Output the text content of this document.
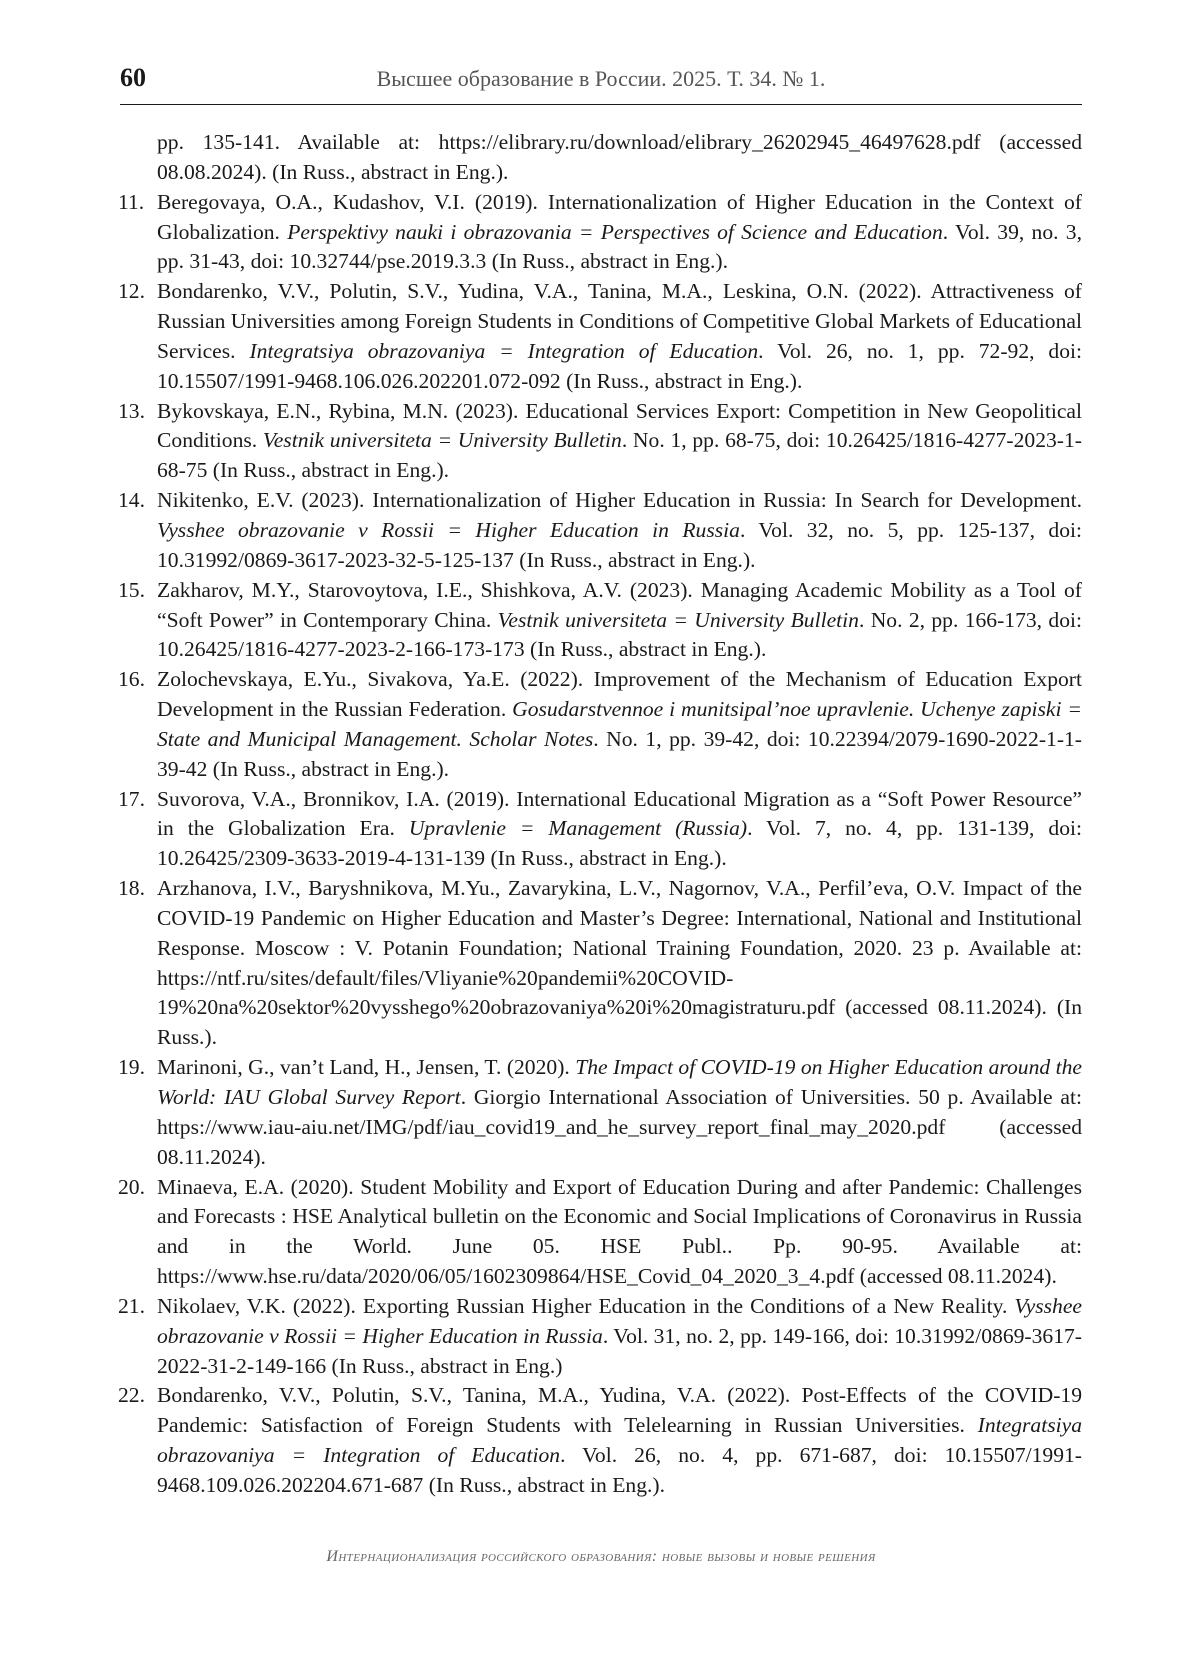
60	Высшее образование в России. 2025. Т. 34. № 1.

pp. 135-141. Available at: https://elibrary.ru/download/elibrary_26202945_46497628.pdf (accessed 08.08.2024). (In Russ., abstract in Eng.).

11. Beregovaya, O.A., Kudashov, V.I. (2019). Internationalization of Higher Education in the Context of Globalization. Perspektivy nauki i obrazovania = Perspectives of Science and Education. Vol. 39, no. 3, pp. 31-43, doi: 10.32744/pse.2019.3.3 (In Russ., abstract in Eng.).

12. Bondarenko, V.V., Polutin, S.V., Yudina, V.A., Tanina, M.A., Leskina, O.N. (2022). Attractiveness of Russian Universities among Foreign Students in Conditions of Competitive Global Markets of Educational Services. Integratsiya obrazovaniya = Integration of Education. Vol. 26, no. 1, pp. 72-92, doi: 10.15507/1991-9468.106.026.202201.072-092 (In Russ., abstract in Eng.).

13. Bykovskaya, E.N., Rybina, M.N. (2023). Educational Services Export: Competition in New Geopolitical Conditions. Vestnik universiteta = University Bulletin. No. 1, pp. 68-75, doi: 10.26425/1816-4277-2023-1-68-75 (In Russ., abstract in Eng.).

14. Nikitenko, E.V. (2023). Internationalization of Higher Education in Russia: In Search for Development. Vysshee obrazovanie v Rossii = Higher Education in Russia. Vol. 32, no. 5, pp. 125-137, doi: 10.31992/0869-3617-2023-32-5-125-137 (In Russ., abstract in Eng.).

15. Zakharov, M.Y., Starovoytova, I.E., Shishkova, A.V. (2023). Managing Academic Mobility as a Tool of “Soft Power” in Contemporary China. Vestnik universiteta = University Bulletin. No. 2, pp. 166-173, doi: 10.26425/1816-4277-2023-2-166-173-173 (In Russ., abstract in Eng.).

16. Zolochevskaya, E.Yu., Sivakova, Ya.E. (2022). Improvement of the Mechanism of Education Export Development in the Russian Federation. Gosudarstvennoe i munitsipal’noe upravlenie. Uchenye zapiski = State and Municipal Management. Scholar Notes. No. 1, pp. 39-42, doi: 10.22394/2079-1690-2022-1-1-39-42 (In Russ., abstract in Eng.).

17. Suvorova, V.A., Bronnikov, I.A. (2019). International Educational Migration as a “Soft Power Resource” in the Globalization Era. Upravlenie = Management (Russia). Vol. 7, no. 4, pp. 131-139, doi: 10.26425/2309-3633-2019-4-131-139 (In Russ., abstract in Eng.).

18. Arzhanova, I.V., Baryshnikova, M.Yu., Zavarykina, L.V., Nagornov, V.A., Perfil’eva, O.V. Impact of the COVID-19 Pandemic on Higher Education and Master’s Degree: International, National and Institutional Response. Moscow : V. Potanin Foundation; National Training Foundation, 2020. 23 p. Available at: https://ntf.ru/sites/default/files/Vliyanie%20pandemii%20COVID-19%20na%20sektor%20vysshego%20obrazovaniya%20i%20magistraturu.pdf (accessed 08.11.2024). (In Russ.).

19. Marinoni, G., van’t Land, H., Jensen, T. (2020). The Impact of COVID-19 on Higher Education around the World: IAU Global Survey Report. Giorgio International Association of Universities. 50 p. Available at: https://www.iau-aiu.net/IMG/pdf/iau_covid19_and_he_survey_report_final_may_2020.pdf (accessed 08.11.2024).

20. Minaeva, E.A. (2020). Student Mobility and Export of Education During and after Pandemic: Challenges and Forecasts : HSE Analytical bulletin on the Economic and Social Implications of Coronavirus in Russia and in the World. June 05. HSE Publ.. Pp. 90-95. Available at: https://www.hse.ru/data/2020/06/05/1602309864/HSE_Covid_04_2020_3_4.pdf (accessed 08.11.2024).

21. Nikolaev, V.K. (2022). Exporting Russian Higher Education in the Conditions of a New Reality. Vysshee obrazovanie v Rossii = Higher Education in Russia. Vol. 31, no. 2, pp. 149-166, doi: 10.31992/0869-3617-2022-31-2-149-166 (In Russ., abstract in Eng.)

22. Bondarenko, V.V., Polutin, S.V., Tanina, M.A., Yudina, V.A. (2022). Post-Effects of the COVID-19 Pandemic: Satisfaction of Foreign Students with Telelearning in Russian Universities. Integratsiya obrazovaniya = Integration of Education. Vol. 26, no. 4, pp. 671-687, doi: 10.15507/1991-9468.109.026.202204.671-687 (In Russ., abstract in Eng.).

Интернационализация российского образования: новые вызовы и новые решения
